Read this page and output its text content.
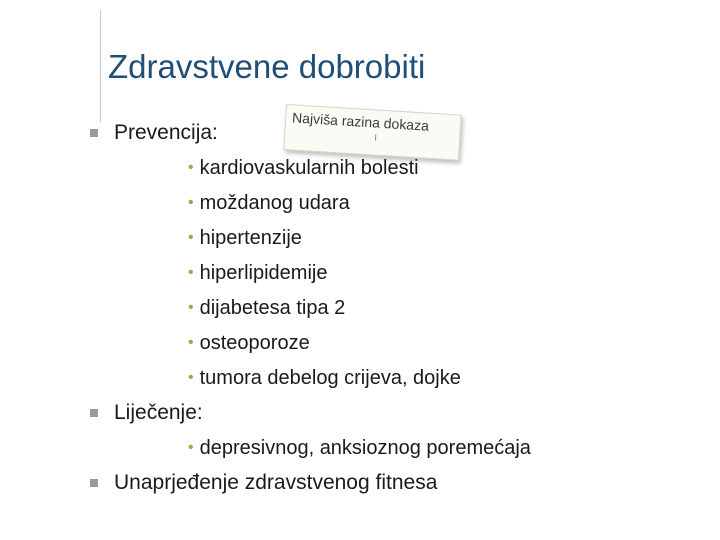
Zdravstvene dobrobiti
Prevencija:
• kardiovaskularnih bolesti
• moždanog udara
• hipertenzije
• hiperlipidemije
• dijabetesa tipa 2
• osteoporoze
• tumora debelog crijeva, dojke
Liječenje:
• depresivnog, anksioznog poremećaja
Unaprjeđenje zdravstvenog fitnesa
Najviša razina dokaza
